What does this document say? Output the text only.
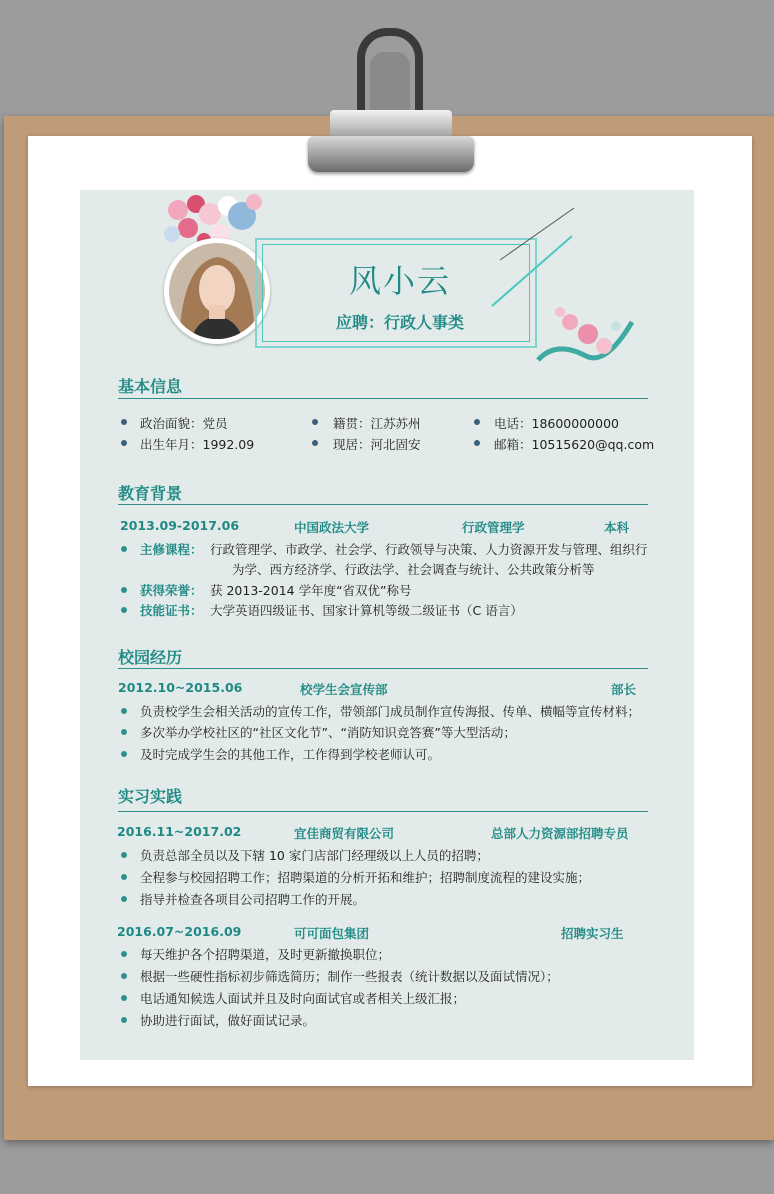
风小云
应聘：行政人事类
基本信息
政治面貌：党员	籍贯：江苏苏州	电话：18600000000
出生年月：1992.09	现居：河北固安	邮箱：10515620@qq.com
教育背景
2013.09-2017.06	中国政法大学	行政管理学	本科
主修课程： 行政管理学、市政学、社会学、行政领导与决策、人力资源开发与管理、组织行
为学、西方经济学、行政法学、社会调查与统计、公共政策分析等
获得荣誉： 获 2013-2014 学年度“省双优”称号
技能证书： 大学英语四级证书、国家计算机等级二级证书（C 语言）
校园经历
2012.10~2015.06	校学生会宣传部	部长
负责校学生会相关活动的宣传工作，带领部门成员制作宣传海报、传单、横幅等宣传材料；
多次举办学校社区的“社区文化节”、“消防知识竞答赛”等大型活动；
及时完成学生会的其他工作，工作得到学校老师认可。
实习实践
2016.11~2017.02	宜佳商贸有限公司	总部人力资源部招聘专员
负责总部全员以及下辖 10 家门店部门经理级以上人员的招聘；
全程参与校园招聘工作；招聘渠道的分析开拓和维护；招聘制度流程的建设实施；
指导并检查各项目公司招聘工作的开展。
2016.07~2016.09	可可面包集团	招聘实习生
每天维护各个招聘渠道，及时更新撤换职位；
根据一些硬性指标初步筛选简历；制作一些报表（统计数据以及面试情况）；
电话通知候选人面试并且及时向面试官或者相关上级汇报；
协助进行面试，做好面试记录。
